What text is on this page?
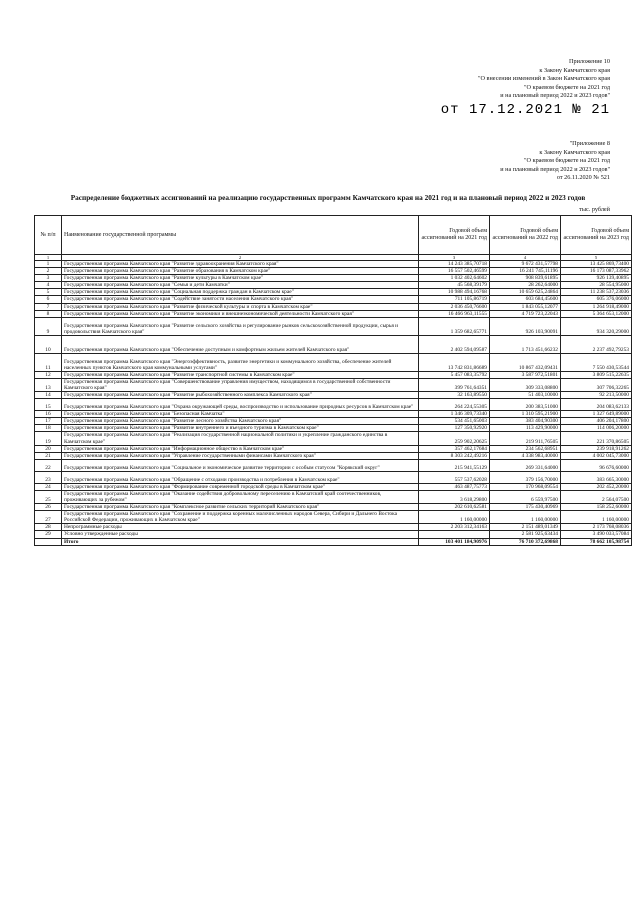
Приложение 10
к Закону Камчатского края
"О внесении изменений в Закон Камчатского края
"О краевом бюджете на 2021 год
и на плановый период 2022 и 2023 годов"
от 17.12.2021 № 21
"Приложение 8
к Закону Камчатского края
"О краевом бюджете на 2021 год
и на плановый период 2022 и 2023 годов"
от 26.11.2020 № 521
Распределение бюджетных ассигнований на реализацию государственных программ Камчатского края на 2021 год и на плановый период 2022 и 2023 годов
тыс. рублей
№ п/п	Наименование государственной программы	Годовой объем ассигнований на 2021 год	Годовой объем ассигнований на 2022 год	Годовой объем ассигнований на 2023 год
1	2	3	4	5
1	Государственная программа Камчатского края "Развитие здравоохранения Камчатского края"	14 243 385,70718	9 672 431,57798	13 425 869,73400
2	Государственная программа Камчатского края "Развитие образования в Камчатском крае"	16 557 502,46599	16 241 745,11196	16 173 087,33962
3	Государственная программа Камчатского края "Развитие культуры в Камчатском крае"	1 032 402,64602	908 839,61895	926 139,40895
4	Государственная программа Камчатского края "Семья и дети Камчатки"	45 568,39179	28 262,64000	28 554,95000
5	Государственная программа Камчатского края "Социальная поддержка граждан в Камчатском крае"	10 988 494,16768	10 659 625,24864	11 238 537,23036
6	Государственная программа Камчатского края "Содействие занятости населения Камчатского края"	711 105,86719	603 684,45600	605 376,06000
7	Государственная программа Камчатского края "Развитие физической культуры и спорта в Камчатском крае"	2 036 450,76600	1 843 055,12077	1 264 918,49000
8	Государственная программа Камчатского края "Развитие экономики и внешнеэкономической деятельности Камчатского края"	16 466 963,11555	4 719 723,22043	5 364 653,12000
9	Государственная программа Камчатского края "Развитие сельского хозяйства и регулирование рынков сельскохозяйственной продукции, сырья и продовольствия Камчатского края"	1 359 682,65771	926 103,90091	934 320,29000
10	Государственная программа Камчатского края "Обеспечение доступным и комфортным жильем жителей Камчатского края"	2 402 594,09587	1 713 451,66232	2 237 492,79253
11	Государственная программа Камчатского края "Энергоэффективность, развитие энергетики и коммунального хозяйства, обеспечение жителей населенных пунктов Камчатского края коммунальными услугами"	13 742 831,86689	10 867 432,09431	7 550 430,53544
12	Государственная программа Камчатского края "Развитие транспортной системы в Камчатском крае"	5 457 083,35792	3 587 972,51801	3 809 515,22635
13	Государственная программа Камчатского края "Совершенствование управления имуществом, находящимся в государственной собственности Камчатского края"	399 761,64351	309 333,08800	307 706,32265
14	Государственная программа Камчатского края "Развитие рыбохозяйственного комплекса Камчатского края"	32 163,89550	51 403,10000	92 213,50000
15	Государственная программа Камчатского края "Охрана окружающей среды, воспроизводство и использование природных ресурсов в Камчатском крае"	264 224,55305	200 383,51000	204 083,62133
16	Государственная программа Камчатского края "Безопасная Камчатка"	1 346 309,73340	1 310 595,21900	1 327 649,89000
17	Государственная программа Камчатского края "Развитие лесного хозяйства Камчатского края"	534 451,65003	383 404,90300	406 204,17800
18	Государственная программа Камчатского края "Развитие внутреннего и въездного туризма в Камчатском крае"	127 350,92920	113 429,90000	114 006,20000
19	Государственная программа Камчатского края "Реализация государственной национальной политики и укрепление гражданского единства в Камчатском крае"	259 902,20625	219 911,76505	221 370,86505
20	Государственная программа Камчатского края "Информационное общество в Камчатском крае"	357 462,17684	234 562,68951	239 918,91262
21	Государственная программа Камчатского края "Управление государственными финансами Камчатского края"	8 303 242,49216	4 338 983,40000	4 002 045,73000
22	Государственная программа Камчатского края "Социальное и экономическое развитие территории с особым статусом "Корякский округ"	215 941,55129	269 331,64000	96 676,60000
23	Государственная программа Камчатского края "Обращение с отходами производства и потребления в Камчатском крае"	557 537,62028	379 156,70000	383 665,30000
24	Государственная программа Камчатского края "Формирование современной городской среды в Камчатском крае"	463 487,75773	170 968,09554	202 452,20000
25	Государственная программа Камчатского края "Оказание содействия добровольному переселению в Камчатский край соотечественников, проживающих за рубежом"	3 618,29800	6 559,97500	2 564,07500
26	Государственная программа Камчатского края "Комплексное развитие сельских территорий Камчатского края"	202 610,62581	175 430,40969	158 252,60000
27	Государственная программа Камчатского края "Сохранение и поддержка коренных малочисленных народов Севера, Сибири и Дальнего Востока Российской Федерации, проживающих в Камчатском крае"	1 160,00000	1 160,00000	1 160,00000
28	Непрограммные расходы	2 203 312,34163	2 151 489,01349	2 173 768,08036
29	Условно утвержденные расходы		2 581 925,63434	3 490 033,57084
	Итого	103 401 184,90976	76 710 372,69868	78 662 105,98754
